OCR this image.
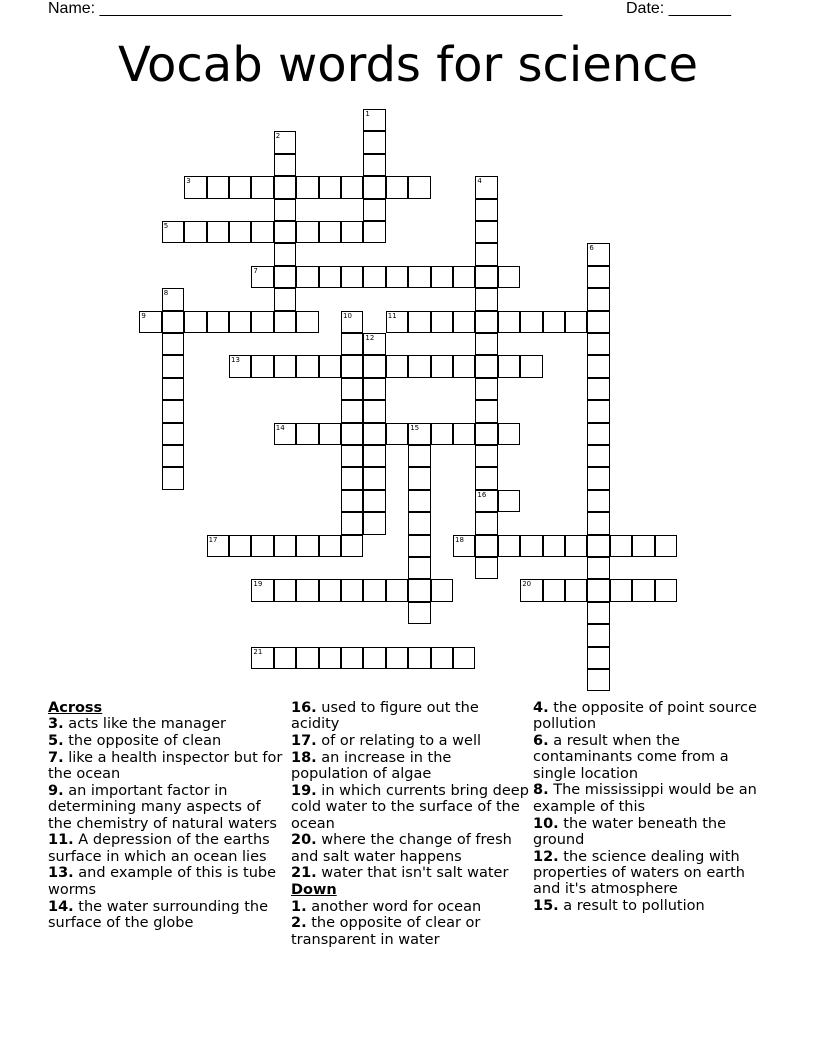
Name: ____________________________________________________	Date: _______
Vocab words for science
1
2
3	4
16
5
6
7
8
9	10	11
12
13
14	15
17	18
19	20
21
Across
3. acts like the manager
5. the opposite of clean
7. like a health inspector but for the ocean
9. an important factor in determining many aspects of the chemistry of natural waters
11. A depression of the earths surface in which an ocean lies
13. and example of this is tube worms
14. the water surrounding the surface of the globe
16. used to figure out the acidity
17. of or relating to a well
18. an increase in the population of algae
19. in which currents bring deep cold water to the surface of the ocean
20. where the change of fresh and salt water happens
21. water that isn't salt water
Down
1. another word for ocean
2. the opposite of clear or transparent in water
4. the opposite of point source pollution
6. a result when the contaminants come from a single location
8. The mississippi would be an example of this
10. the water beneath the ground
12. the science dealing with properties of waters on earth and it's atmosphere
15. a result to pollution
